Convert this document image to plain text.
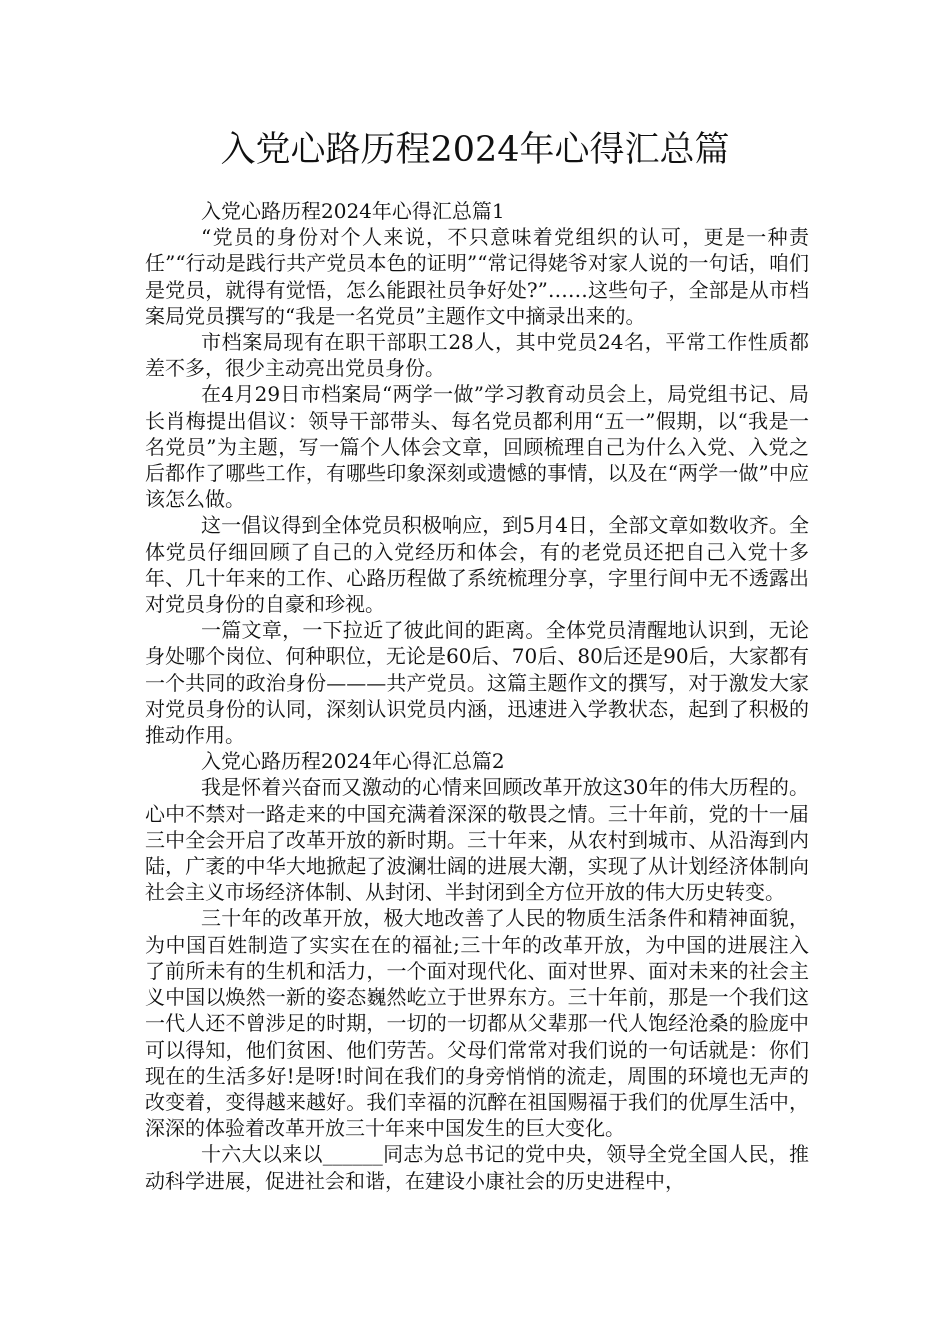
入党心路历程2024年心得汇总篇

入党心路历程2024年心得汇总篇1

“党员的身份对个人来说，不只意味着党组织的认可，更是一种责任”“行动是践行共产党员本色的证明”“常记得姥爷对家人说的一句话，咱们是党员，就得有觉悟，怎么能跟社员争好处?”……这些句子，全部是从市档案局党员撰写的“我是一名党员”主题作文中摘录出来的。

市档案局现有在职干部职工28人，其中党员24名，平常工作性质都差不多，很少主动亮出党员身份。

在4月29日市档案局“两学一做”学习教育动员会上，局党组书记、局长肖梅提出倡议：领导干部带头、每名党员都利用“五一”假期，以“我是一名党员”为主题，写一篇个人体会文章，回顾梳理自己为什么入党、入党之后都作了哪些工作，有哪些印象深刻或遗憾的事情，以及在“两学一做”中应该怎么做。

这一倡议得到全体党员积极响应，到5月4日，全部文章如数收齐。全体党员仔细回顾了自己的入党经历和体会，有的老党员还把自己入党十多年、几十年来的工作、心路历程做了系统梳理分享，字里行间中无不透露出对党员身份的自豪和珍视。

一篇文章，一下拉近了彼此间的距离。全体党员清醒地认识到，无论身处哪个岗位、何种职位，无论是60后、70后、80后还是90后，大家都有一个共同的政治身份———共产党员。这篇主题作文的撰写，对于激发大家对党员身份的认同，深刻认识党员内涵，迅速进入学教状态，起到了积极的推动作用。

入党心路历程2024年心得汇总篇2

我是怀着兴奋而又激动的心情来回顾改革开放这30年的伟大历程的。心中不禁对一路走来的中国充满着深深的敬畏之情。三十年前，党的十一届三中全会开启了改革开放的新时期。三十年来，从农村到城市、从沿海到内陆，广袤的中华大地掀起了波澜壮阔的进展大潮，实现了从计划经济体制向社会主义市场经济体制、从封闭、半封闭到全方位开放的伟大历史转变。

三十年的改革开放，极大地改善了人民的物质生活条件和精神面貌，为中国百姓制造了实实在在的福祉;三十年的改革开放，为中国的进展注入了前所未有的生机和活力，一个面对现代化、面对世界、面对未来的社会主义中国以焕然一新的姿态巍然屹立于世界东方。三十年前，那是一个我们这一代人还不曾涉足的时期，一切的一切都从父辈那一代人饱经沧桑的脸庞中可以得知，他们贫困、他们劳苦。父母们常常对我们说的一句话就是：你们现在的生活多好!是呀!时间在我们的身旁悄悄的流走，周围的环境也无声的改变着，变得越来越好。我们幸福的沉醉在祖国赐福于我们的优厚生活中，深深的体验着改革开放三十年来中国发生的巨大变化。

十六大以来以______同志为总书记的党中央，领导全党全国人民，推动科学进展，促进社会和谐，在建设小康社会的历史进程中，
